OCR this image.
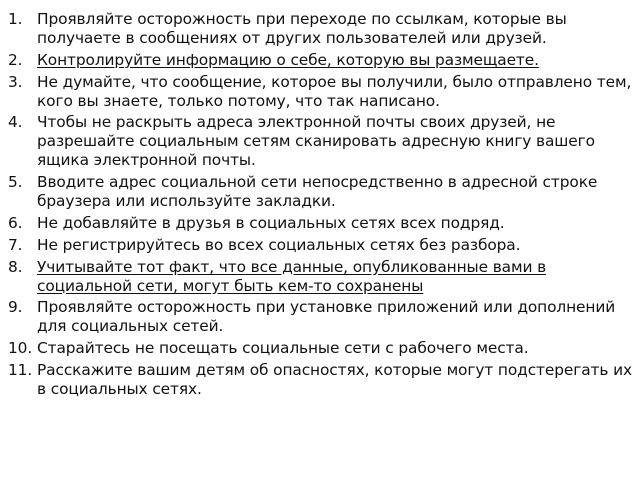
1. Проявляйте осторожность при переходе по ссылкам, которые вы получаете в сообщениях от других пользователей или друзей.
2. Контролируйте информацию о себе, которую вы размещаете.
3. Не думайте, что сообщение, которое вы получили, было отправлено тем, кого вы знаете, только потому, что так написано.
4. Чтобы не раскрыть адреса электронной почты своих друзей, не разрешайте социальным сетям сканировать адресную книгу вашего ящика электронной почты.
5. Вводите адрес социальной сети непосредственно в адресной строке браузера или используйте закладки.
6. Не добавляйте в друзья в социальных сетях всех подряд.
7. Не регистрируйтесь во всех социальных сетях без разбора.
8. Учитывайте тот факт, что все данные, опубликованные вами в социальной сети, могут быть кем-то сохранены
9. Проявляйте осторожность при установке приложений или дополнений для социальных сетей.
10. Старайтесь не посещать социальные сети с рабочего места.
11. Расскажите вашим детям об опасностях, которые могут подстерегать их в социальных сетях.
